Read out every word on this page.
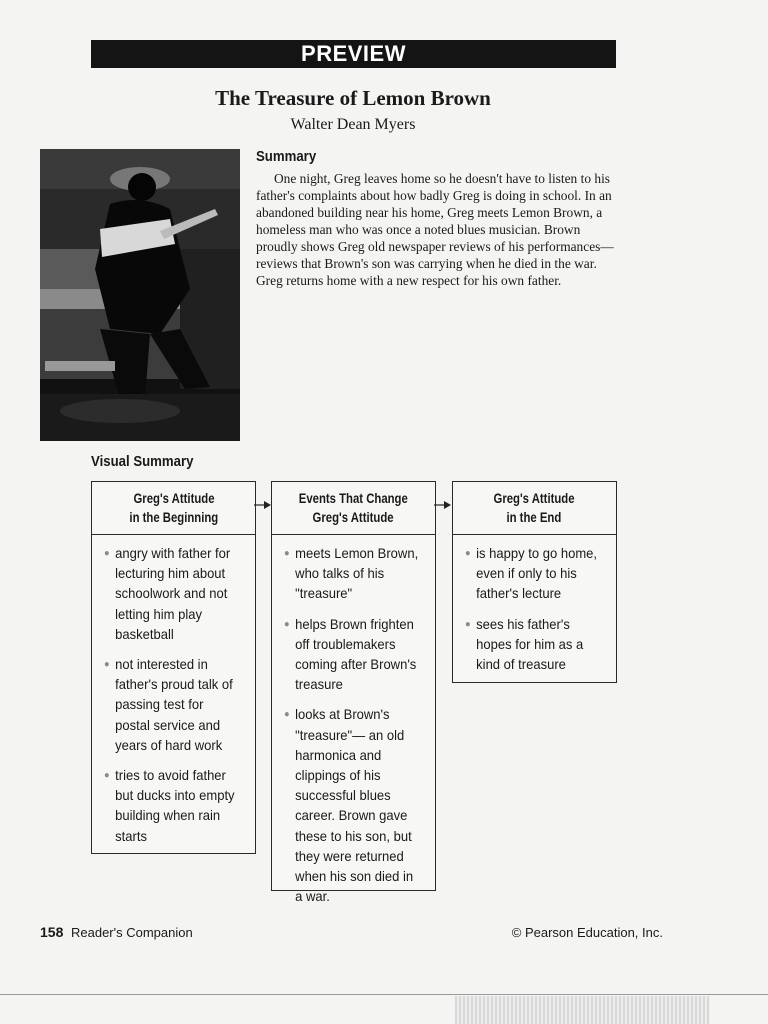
PREVIEW
The Treasure of Lemon Brown
Walter Dean Myers
Summary

One night, Greg leaves home so he doesn't have to listen to his father's complaints about how badly Greg is doing in school. In an abandoned building near his home, Greg meets Lemon Brown, a homeless man who was once a noted blues musician. Brown proudly shows Greg old newspaper reviews of his performances—reviews that Brown's son was carrying when he died in the war. Greg returns home with a new respect for his own father.

Visual Summary
Greg's Attitude
in the Beginning
● angry with father for lecturing him about schoolwork and not letting him play basketball
● not interested in father's proud talk of passing test for postal service and years of hard work
● tries to avoid father but ducks into empty building when rain starts
Events That Change
Greg's Attitude
● meets Lemon Brown, who talks of his "treasure"
● helps Brown frighten off troublemakers coming after Brown's treasure
● looks at Brown's "treasure"— an old harmonica and clippings of his successful blues career. Brown gave these to his son, but they were returned when his son died in a war.
Greg's Attitude
in the End
● is happy to go home, even if only to his father's lecture
● sees his father's hopes for him as a kind of treasure
158 Reader's Companion	© Pearson Education, Inc.
